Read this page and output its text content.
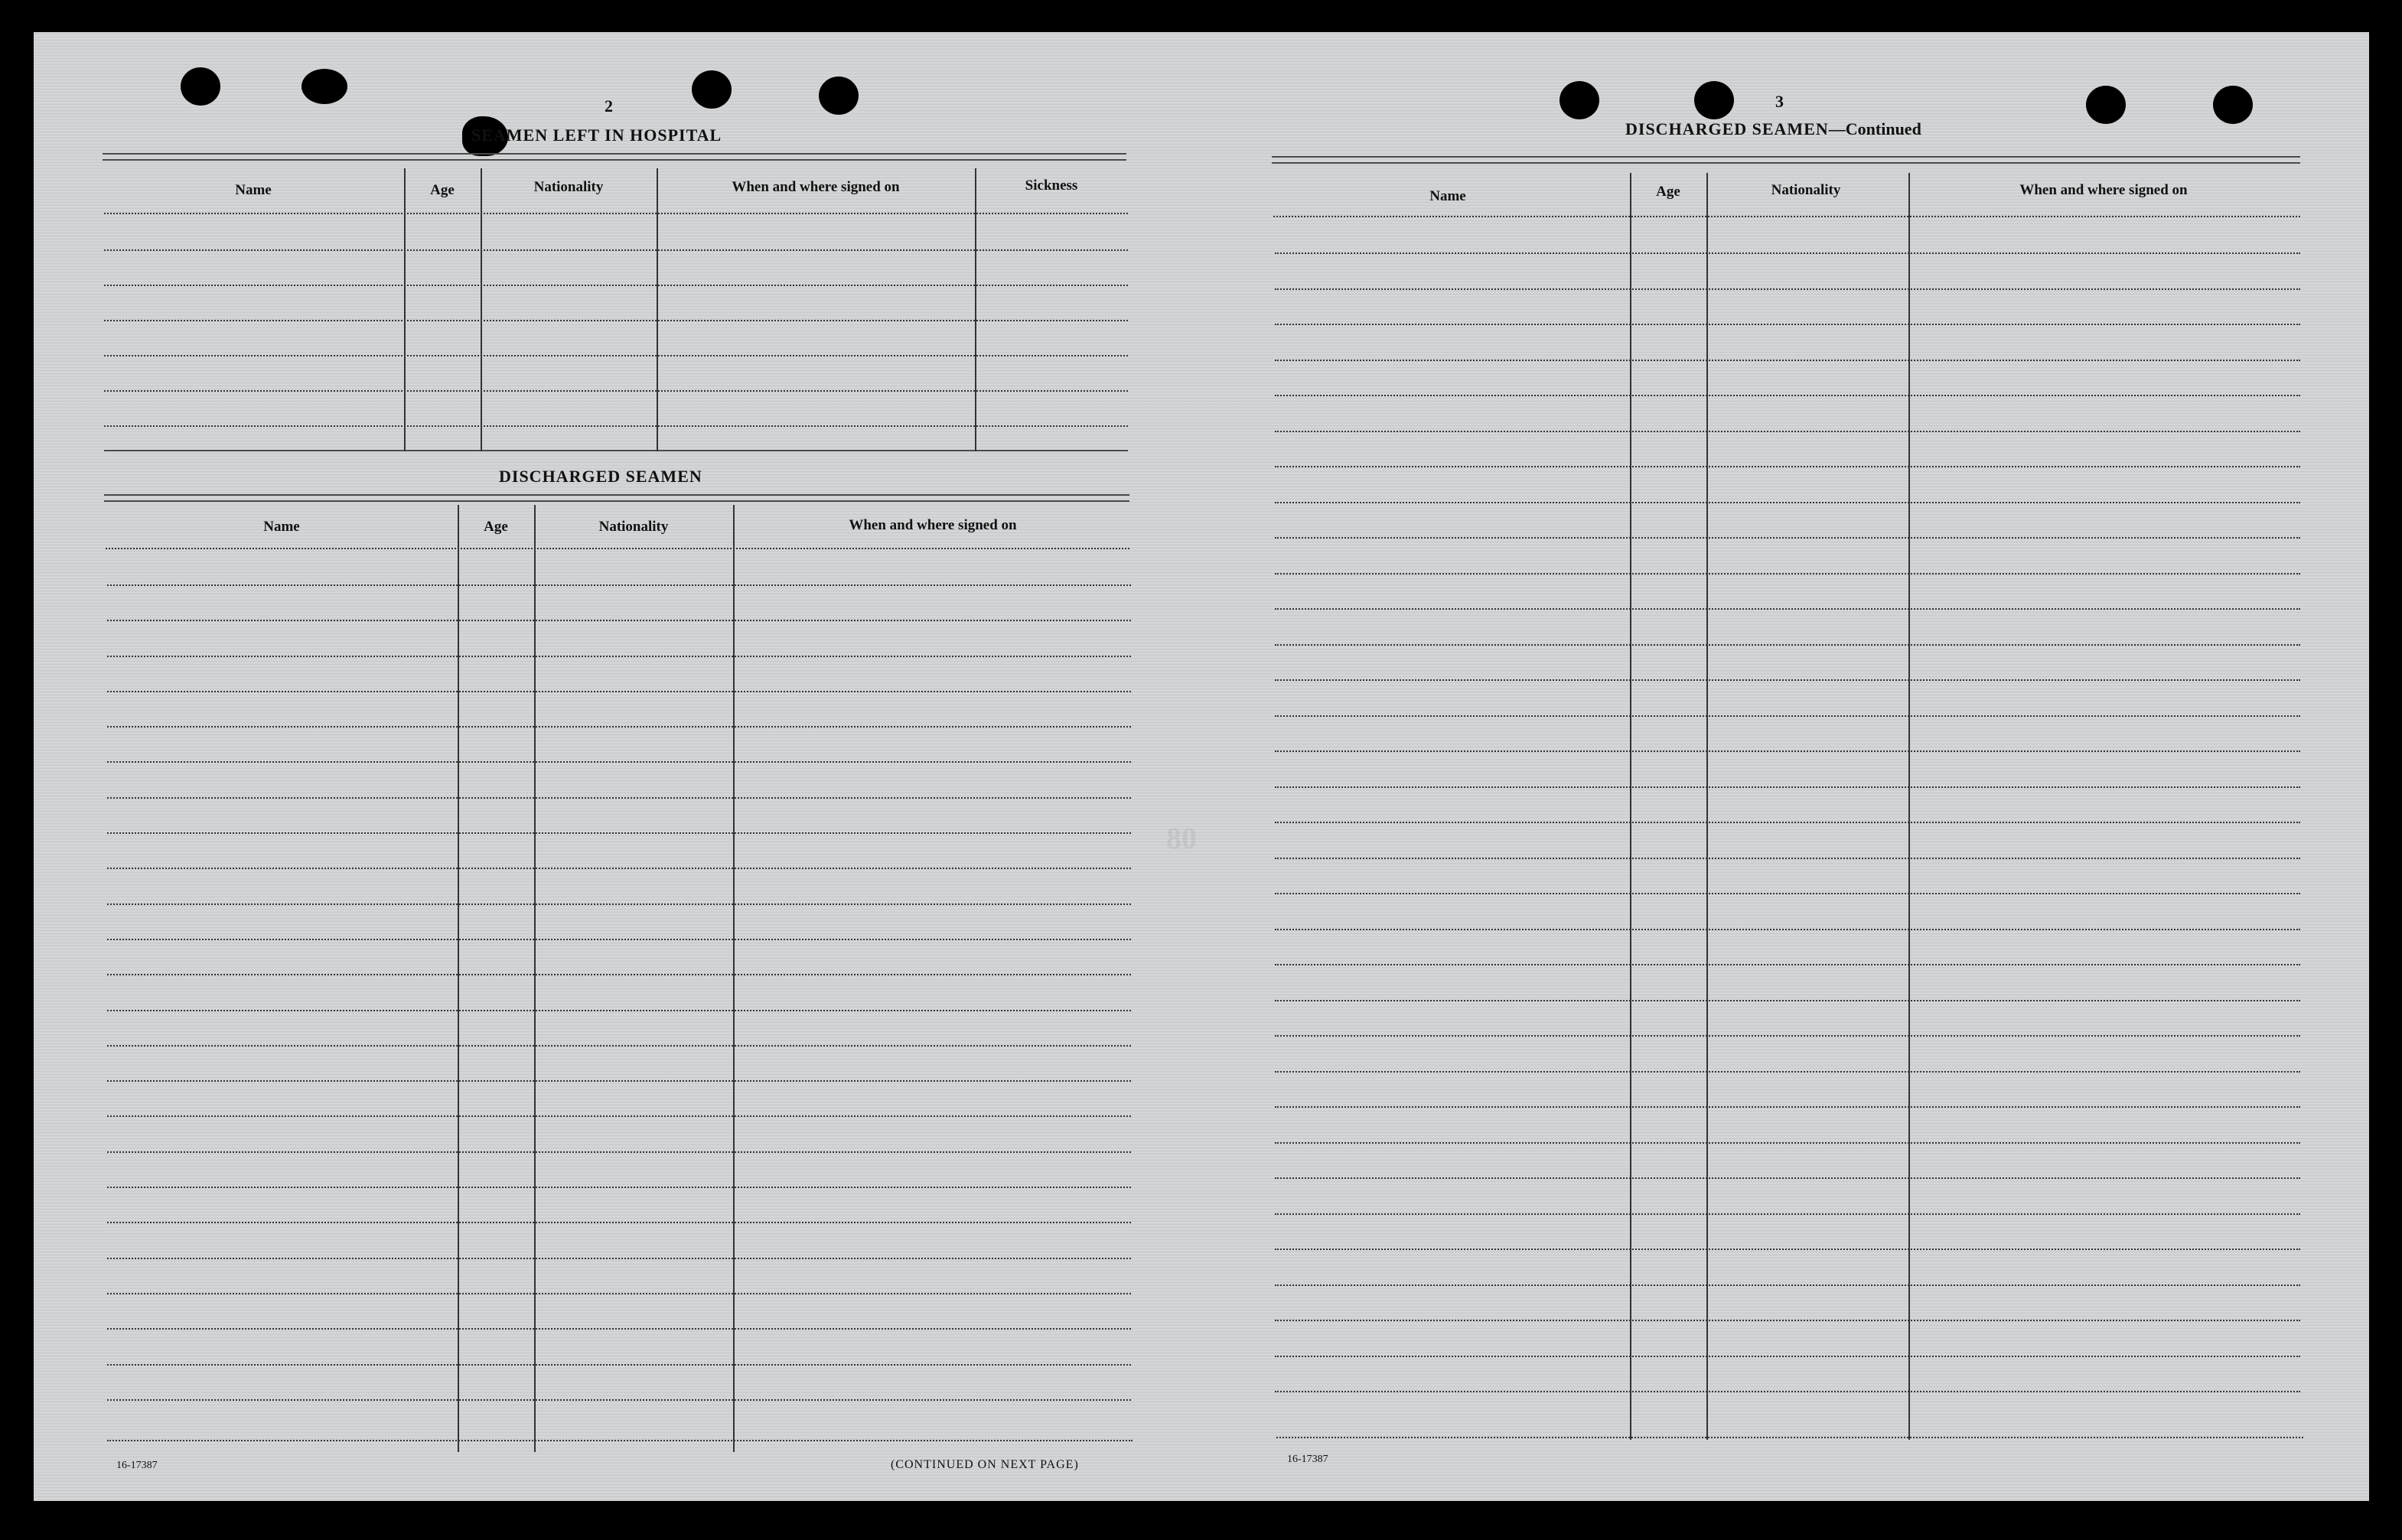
2
SEAMEN LEFT IN HOSPITAL
Name	Age	Nationality	When and where signed on	Sickness
DISCHARGED SEAMEN
Name	Age	Nationality	When and where signed on
16-17387	(CONTINUED ON NEXT PAGE)
3
DISCHARGED SEAMEN—Continued
Name	Age	Nationality	When and where signed on
16-17387
80
